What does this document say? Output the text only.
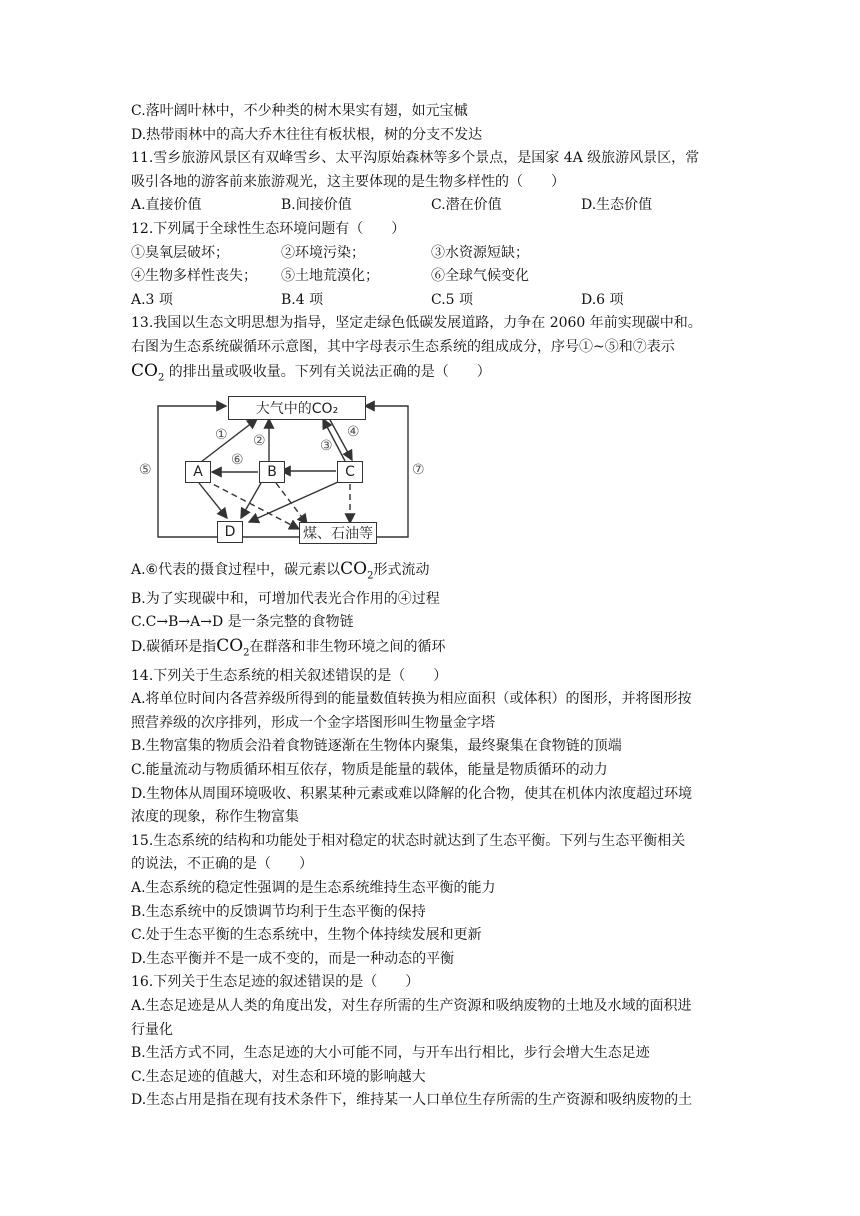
C.落叶阔叶林中，不少种类的树木果实有翅，如元宝槭
D.热带雨林中的高大乔木往往有板状根，树的分支不发达
11.雪乡旅游风景区有双峰雪乡、太平沟原始森林等多个景点，是国家 4A 级旅游风景区，常
吸引各地的游客前来旅游观光，这主要体现的是生物多样性的（　　）
A.直接价值	B.间接价值	C.潜在价值	D.生态价值
12.下列属于全球性生态环境问题有（　　）
①臭氧层破坏；	②环境污染；	③水资源短缺；
④生物多样性丧失；	⑤土地荒漠化；	⑥全球气候变化
A.3 项	B.4 项	C.5 项	D.6 项
13.我国以生态文明思想为指导，坚定走绿色低碳发展道路，力争在 2060 年前实现碳中和。
右图为生态系统碳循环示意图，其中字母表示生态系统的组成成分，序号①~⑤和⑦表示
$CO_2$ 的排出量或吸收量。下列有关说法正确的是（　　）
大气中的CO₂
A	B	C
D	煤、石油等
① ②	③
④
⑤
⑥
⑦
A.⑥代表的摄食过程中，碳元素以$CO_2$形式流动
B.为了实现碳中和，可增加代表光合作用的④过程
C.C→B→A→D 是一条完整的食物链
D.碳循环是指$CO_2$在群落和非生物环境之间的循环
14.下列关于生态系统的相关叙述错误的是（　　）
A.将单位时间内各营养级所得到的能量数值转换为相应面积（或体积）的图形，并将图形按
照营养级的次序排列，形成一个金字塔图形叫生物量金字塔
B.生物富集的物质会沿着食物链逐渐在生物体内聚集，最终聚集在食物链的顶端
C.能量流动与物质循环相互依存，物质是能量的载体，能量是物质循环的动力
D.生物体从周围环境吸收、积累某种元素或难以降解的化合物，使其在机体内浓度超过环境
浓度的现象，称作生物富集
15.生态系统的结构和功能处于相对稳定的状态时就达到了生态平衡。下列与生态平衡相关
的说法，不正确的是（　　）
A.生态系统的稳定性强调的是生态系统维持生态平衡的能力
B.生态系统中的反馈调节均利于生态平衡的保持
C.处于生态平衡的生态系统中，生物个体持续发展和更新
D.生态平衡并不是一成不变的，而是一种动态的平衡
16.下列关于生态足迹的叙述错误的是（　　）
A.生态足迹是从人类的角度出发，对生存所需的生产资源和吸纳废物的土地及水域的面积进
行量化
B.生活方式不同，生态足迹的大小可能不同，与开车出行相比，步行会增大生态足迹
C.生态足迹的值越大，对生态和环境的影响越大
D.生态占用是指在现有技术条件下，维持某一人口单位生存所需的生产资源和吸纳废物的土
